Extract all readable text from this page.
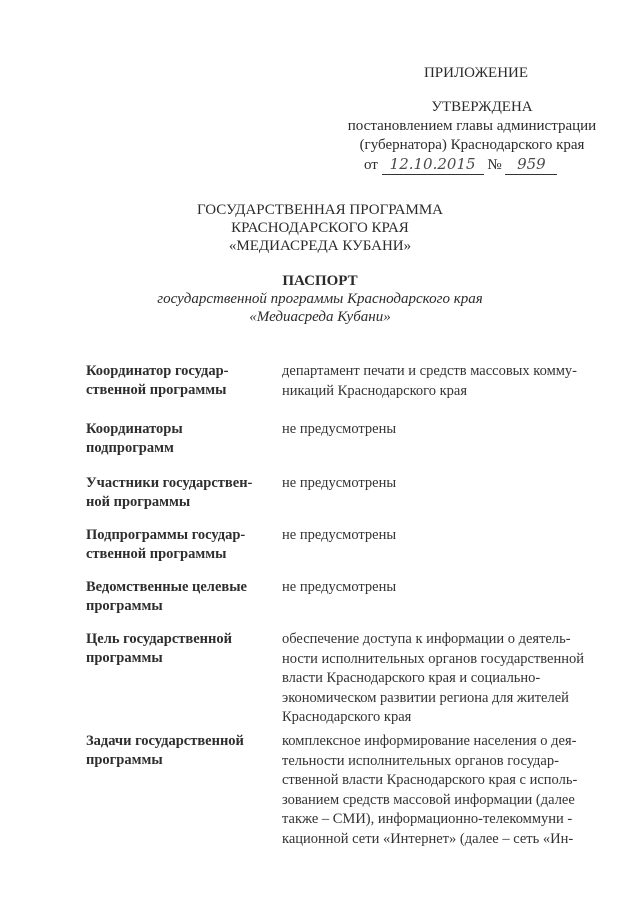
ПРИЛОЖЕНИЕ
УТВЕРЖДЕНА
постановлением главы администрации
(губернатора) Краснодарского края
от 12.10.2015 № 959
ГОСУДАРСТВЕННАЯ ПРОГРАММА
КРАСНОДАРСКОГО КРАЯ
«МЕДИАСРЕДА КУБАНИ»
ПАСПОРТ
государственной программы Краснодарского края
«Медиасреда Кубани»
Координатор государ-
ственной программы
департамент печати и средств массовых комму-
никаций Краснодарского края
Координаторы
подпрограмм
не предусмотрены
Участники государствен-
ной программы
не предусмотрены
Подпрограммы государ-
ственной программы
не предусмотрены
Ведомственные целевые
программы
не предусмотрены
Цель государственной
программы
обеспечение доступа к информации о деятель-
ности исполнительных органов государственной
власти Краснодарского края и социально-
экономическом развитии региона для жителей
Краснодарского края
Задачи государственной
программы
комплексное информирование населения о дея-
тельности исполнительных органов государ-
ственной власти Краснодарского края с исполь-
зованием средств массовой информации (далее
также – СМИ), информационно-телекоммуни -
кационной сети «Интернет» (далее – сеть «Ин-
